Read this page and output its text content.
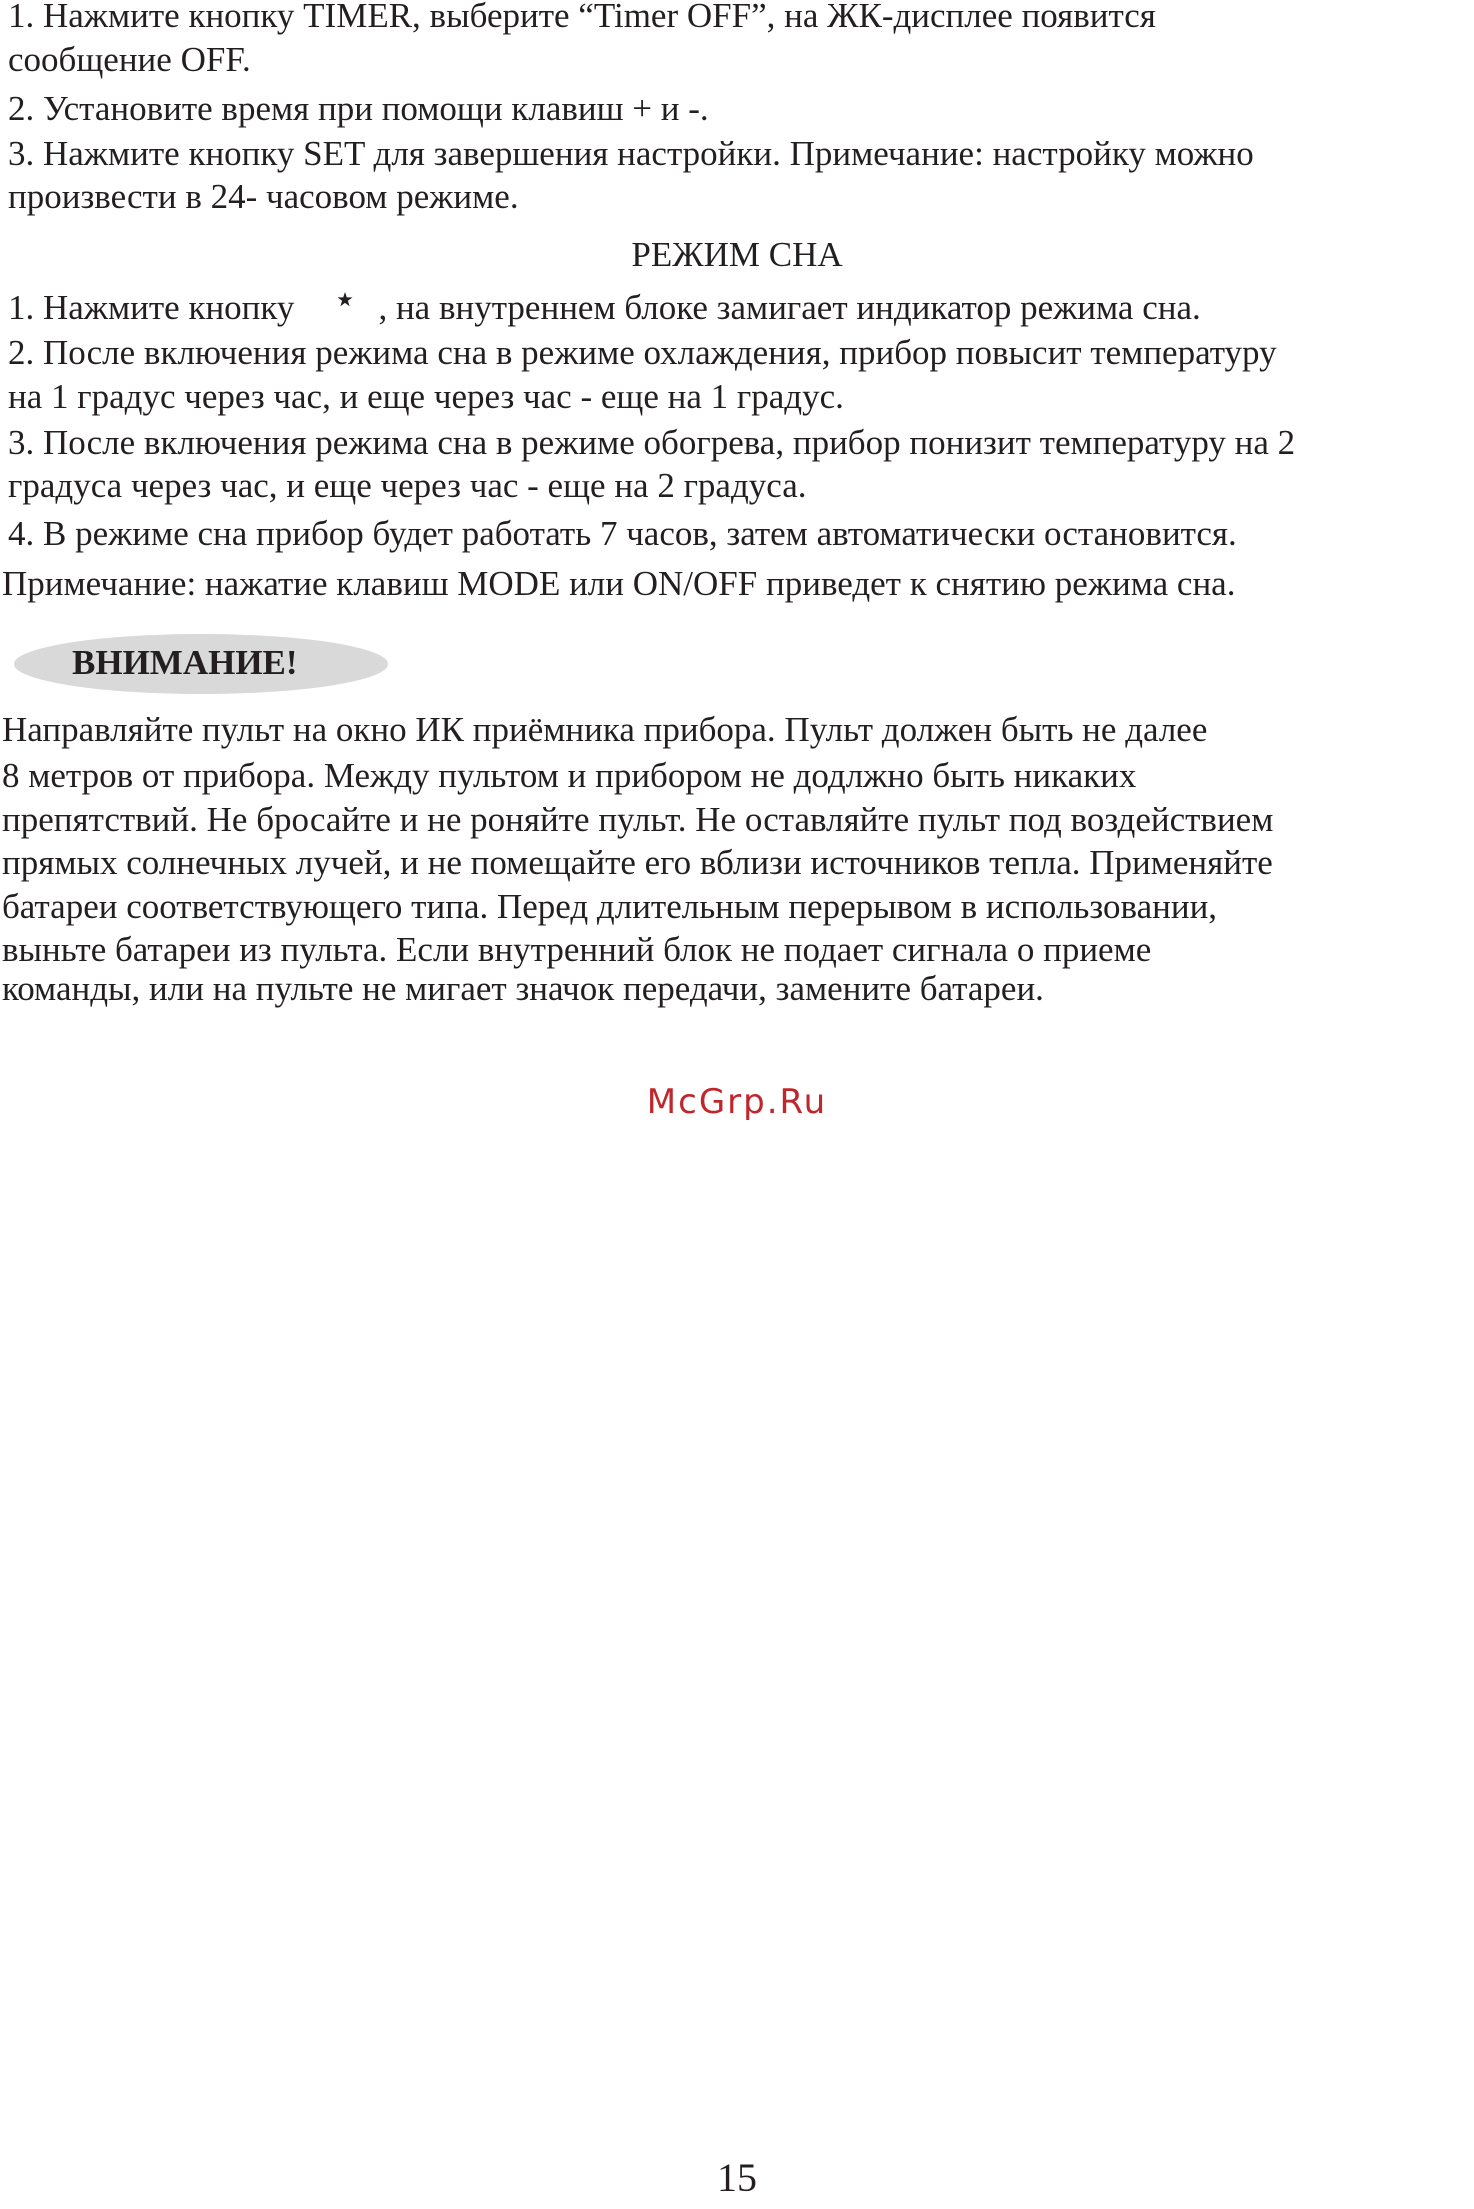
1. Нажмите кнопку TIMER, выберите “Timer OFF”, на ЖК-дисплее появится
сообщение OFF.
2. Установите время при помощи клавиш + и -.
3. Нажмите кнопку SET для завершения настройки. Примечание: настройку можно
произвести в 24- часовом режиме.
РЕЖИМ СНА
1. Нажмите кнопку , на внутреннем блоке замигает индикатор режима сна.
2. После включения режима сна в режиме охлаждения, прибор повысит температуру
на 1 градус через час, и еще через час - еще на 1 градус.
3. После включения режима сна в режиме обогрева, прибор понизит температуру на 2
градуса через час, и еще через час - еще на 2 градуса.
4. В режиме сна прибор будет работать 7 часов, затем автоматически остановится.
Примечание: нажатие клавиш MODE или ON/OFF приведет к снятию режима сна.
ВНИМАНИЕ!
Направляйте пульт на окно ИК приёмника прибора. Пульт должен быть не далее
8 метров от прибора. Между пультом и прибором не додлжно быть никаких
препятствий. Не бросайте и не роняйте пульт. Не оставляйте пульт под воздействием
прямых солнечных лучей, и не помещайте его вблизи источников тепла. Применяйте
батареи соответствующего типа. Перед длительным перерывом в использовании,
выньте батареи из пульта. Если внутренний блок не подает сигнала о приеме
команды, или на пульте не мигает значок передачи, замените батареи.
McGrp.Ru
15
